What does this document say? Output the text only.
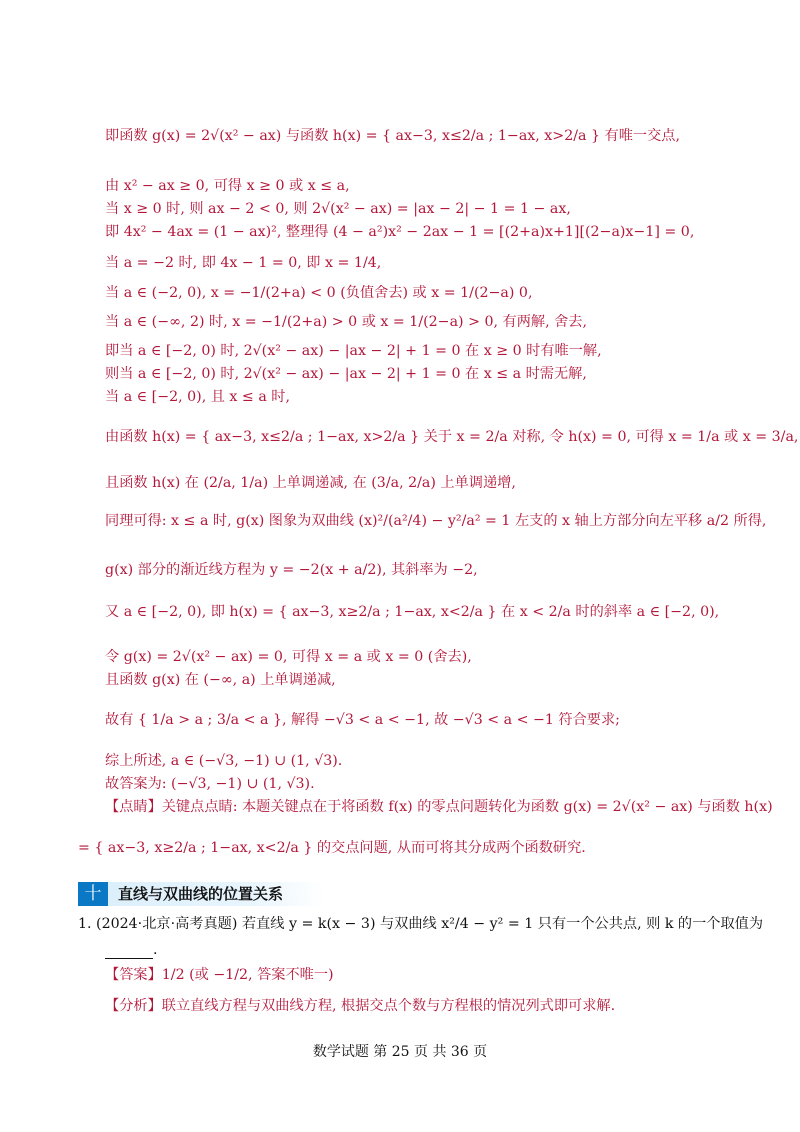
即函数 g(x) = 2√(x² − ax) 与函数 h(x) = { ax−3, x≤2/a ; 1−ax, x>2/a } 有唯一交点,
由 x² − ax ≥ 0, 可得 x ≥ 0 或 x ≤ a,
当 x ≥ 0 时, 则 ax − 2 < 0, 则 2√(x² − ax) = |ax − 2| − 1 = 1 − ax,
即 4x² − 4ax = (1 − ax)², 整理得 (4 − a²)x² − 2ax − 1 = [(2+a)x+1][(2−a)x−1] = 0,
当 a = −2 时, 即 4x − 1 = 0, 即 x = 1/4,
当 a ∈ (−2, 0), x = −1/(2+a) < 0 (负值舍去) 或 x = 1/(2−a) 0,
当 a ∈ (−∞, 2) 时, x = −1/(2+a) > 0 或 x = 1/(2−a) > 0, 有两解, 舍去,
即当 a ∈ [−2, 0) 时, 2√(x² − ax) − |ax − 2| + 1 = 0 在 x ≥ 0 时有唯一解,
则当 a ∈ [−2, 0) 时, 2√(x² − ax) − |ax − 2| + 1 = 0 在 x ≤ a 时需无解,
当 a ∈ [−2, 0), 且 x ≤ a 时,
由函数 h(x) = { ax−3, x≤2/a ; 1−ax, x>2/a } 关于 x = 2/a 对称, 令 h(x) = 0, 可得 x = 1/a 或 x = 3/a,
且函数 h(x) 在 (2/a, 1/a) 上单调递减, 在 (3/a, 2/a) 上单调递增,
同理可得: x ≤ a 时, g(x) 图象为双曲线 (x)²/(a²/4) − y²/a² = 1 左支的 x 轴上方部分向左平移 a/2 所得,
g(x) 部分的渐近线方程为 y = −2(x + a/2), 其斜率为 −2,
又 a ∈ [−2, 0), 即 h(x) = { ax−3, x≥2/a ; 1−ax, x<2/a } 在 x < 2/a 时的斜率 a ∈ [−2, 0),
令 g(x) = 2√(x² − ax) = 0, 可得 x = a 或 x = 0 (舍去),
且函数 g(x) 在 (−∞, a) 上单调递减,
故有 { 1/a > a ; 3/a < a }, 解得 −√3 < a < −1, 故 −√3 < a < −1 符合要求;
综上所述, a ∈ (−√3, −1) ∪ (1, √3).
故答案为: (−√3, −1) ∪ (1, √3).
【点睛】关键点点睛: 本题关键点在于将函数 f(x) 的零点问题转化为函数 g(x) = 2√(x² − ax) 与函数 h(x)
= { ax−3, x≥2/a ; 1−ax, x<2/a } 的交点问题, 从而可将其分成两个函数研究.
十	直线与双曲线的位置关系
1. (2024·北京·高考真题) 若直线 y = k(x − 3) 与双曲线 x²/4 − y² = 1 只有一个公共点, 则 k 的一个取值为
.
【答案】1/2 (或 −1/2, 答案不唯一)
【分析】联立直线方程与双曲线方程, 根据交点个数与方程根的情况列式即可求解.
数学试题 第 25 页 共 36 页
